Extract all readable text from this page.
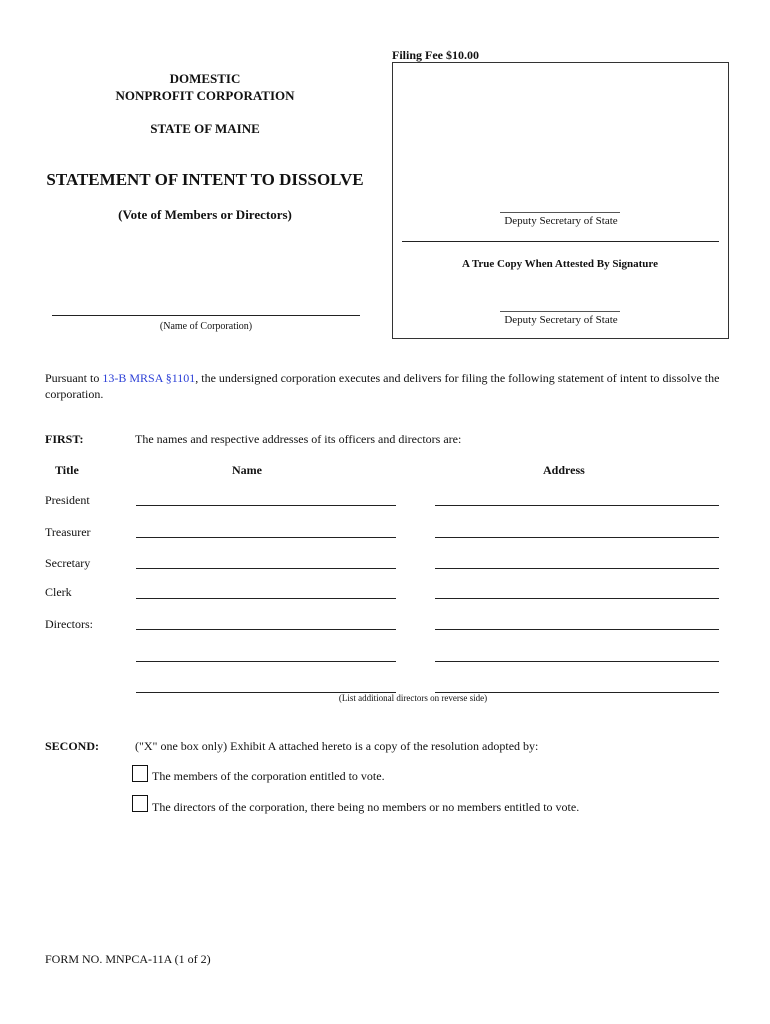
Filing Fee $10.00
Deputy Secretary of State
A True Copy When Attested By Signature
Deputy Secretary of State
DOMESTIC
NONPROFIT CORPORATION
STATE OF MAINE
STATEMENT OF INTENT TO DISSOLVE
(Vote of Members or Directors)
(Name of Corporation)
Pursuant to 13-B MRSA §1101, the undersigned corporation executes and delivers for filing the following statement of intent to dissolve the corporation.
FIRST:	The names and respective addresses of its officers and directors are:
Title	Name	Address
President
Treasurer
Secretary
Clerk
Directors:
(List additional directors on reverse side)
SECOND:	("X" one box only) Exhibit A attached hereto is a copy of the resolution adopted by:
The members of the corporation entitled to vote.
The directors of the corporation, there being no members or no members entitled to vote.
FORM NO. MNPCA-11A (1 of 2)
